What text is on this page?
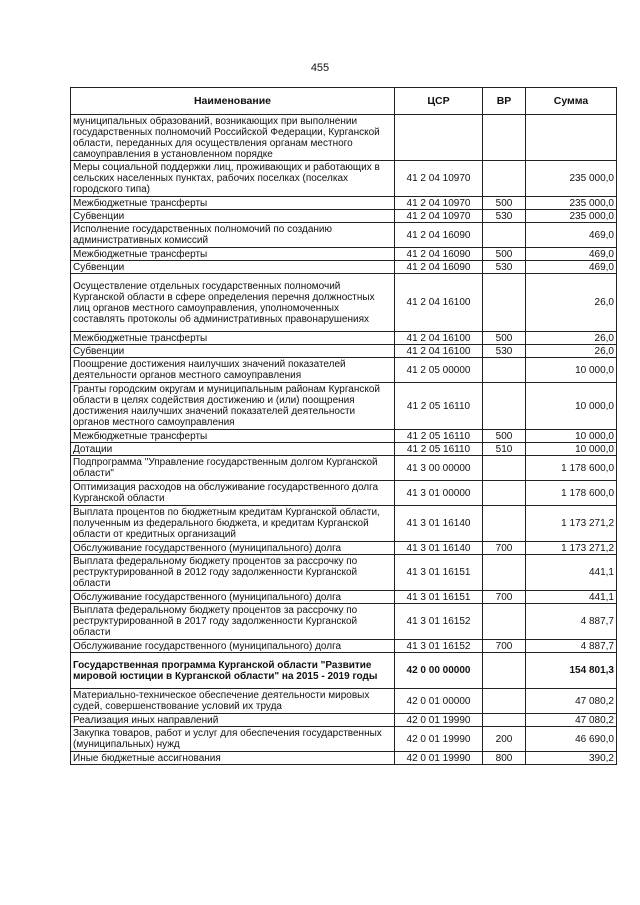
455
Наименование	ЦСР	ВР	Сумма
муниципальных образований, возникающих при выполнении государственных полномочий Российской Федерации, Курганской области, переданных для осуществления органам местного самоуправления в установленном порядке			
Меры социальной поддержки лиц, проживающих и работающих в сельских населенных пунктах, рабочих поселках (поселках городского типа)	41 2 04 10970		235 000,0
Межбюджетные трансферты	41 2 04 10970	500	235 000,0
Субвенции	41 2 04 10970	530	235 000,0
Исполнение государственных полномочий по созданию административных комиссий	41 2 04 16090		469,0
Межбюджетные трансферты	41 2 04 16090	500	469,0
Субвенции	41 2 04 16090	530	469,0
Осуществление отдельных государственных полномочий Курганской области в сфере определения перечня должностных лиц органов местного самоуправления, уполномоченных составлять протоколы об административных правонарушениях	41 2 04 16100		26,0
Межбюджетные трансферты	41 2 04 16100	500	26,0
Субвенции	41 2 04 16100	530	26,0
Поощрение достижения наилучших значений показателей деятельности органов местного самоуправления	41 2 05 00000		10 000,0
Гранты городским округам и муниципальным районам Курганской области в целях содействия достижению и (или) поощрения достижения наилучших значений показателей деятельности органов местного самоуправления	41 2 05 16110		10 000,0
Межбюджетные трансферты	41 2 05 16110	500	10 000,0
Дотации	41 2 05 16110	510	10 000,0
Подпрограмма "Управление государственным долгом Курганской области"	41 3 00 00000		1 178 600,0
Оптимизация расходов на обслуживание государственного долга Курганской области	41 3 01 00000		1 178 600,0
Выплата процентов по бюджетным кредитам Курганской области, полученным из федерального бюджета, и кредитам Курганской области от кредитных организаций	41 3 01 16140		1 173 271,2
Обслуживание государственного (муниципального) долга	41 3 01 16140	700	1 173 271,2
Выплата федеральному бюджету процентов за рассрочку по реструктурированной в 2012 году задолженности Курганской области	41 3 01 16151		441,1
Обслуживание государственного (муниципального) долга	41 3 01 16151	700	441,1
Выплата федеральному бюджету процентов за рассрочку по реструктурированной в 2017 году задолженности Курганской области	41 3 01 16152		4 887,7
Обслуживание государственного (муниципального) долга	41 3 01 16152	700	4 887,7
Государственная программа Курганской области "Развитие мировой юстиции в Курганской области" на 2015 - 2019 годы	42 0 00 00000		154 801,3
Материально-техническое обеспечение деятельности мировых судей, совершенствование условий их труда	42 0 01 00000		47 080,2
Реализация иных направлений	42 0 01 19990		47 080,2
Закупка товаров, работ и услуг для обеспечения государственных (муниципальных) нужд	42 0 01 19990	200	46 690,0
Иные бюджетные ассигнования	42 0 01 19990	800	390,2
